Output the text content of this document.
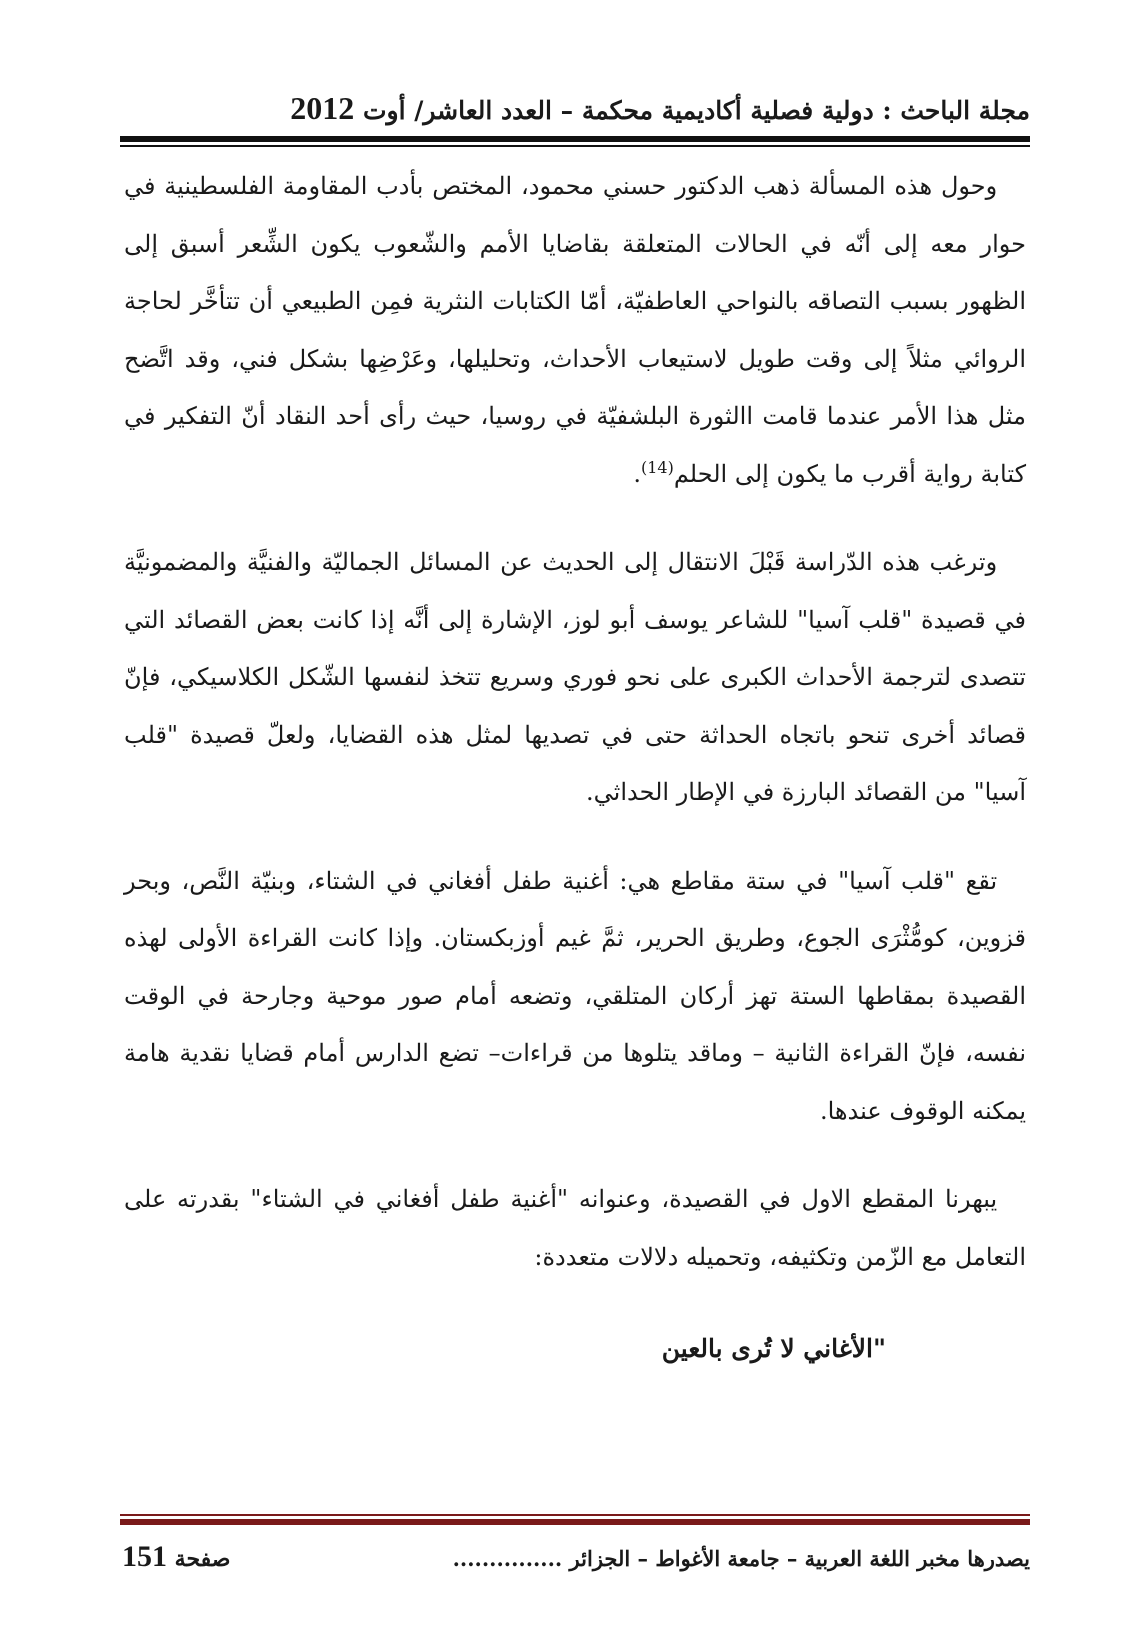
مجلة الباحث : دولية فصلية أكاديمية محكمة – العدد العاشر/ أوت 2012

وحول هذه المسألة ذهب الدكتور حسني محمود، المختص بأدب المقاومة الفلسطينية في حوار معه إلى أنّه في الحالات المتعلقة بقاضايا الأمم والشّعوب يكون الشِّعر أسبق إلى الظهور بسبب التصاقه بالنواحي العاطفيّة، أمّا الكتابات النثرية فمِن الطبيعي أن تتأخَّر لحاجة الروائي مثلاً إلى وقت طويل لاستيعاب الأحداث، وتحليلها، وعَرْضِها بشكل فني، وقد اتَّضح مثل هذا الأمر عندما قامت االثورة البلشفيّة في روسيا، حيث رأى أحد النقاد أنّ التفكير في كتابة رواية أقرب ما يكون إلى الحلم$^{(14)}$.

وترغب هذه الدّراسة قَبْلَ الانتقال إلى الحديث عن المسائل الجماليّة والفنيَّة والمضمونيَّة في قصيدة "قلب آسيا" للشاعر يوسف أبو لوز، الإشارة إلى أنَّه إذا كانت بعض القصائد التي تتصدى لترجمة الأحداث الكبرى على نحو فوري وسريع تتخذ لنفسها الشّكل الكلاسيكي، فإنّ قصائد أخرى تنحو باتجاه الحداثة حتى في تصديها لمثل هذه القضايا، ولعلّ قصيدة "قلب آسيا" من القصائد البارزة في الإطار الحداثي.

تقع "قلب آسيا" في ستة مقاطع هي: أغنية طفل أفغاني في الشتاء، وبنيّة النَّص، وبحر قزوين، كومُّثْرَى الجوع، وطريق الحرير، ثمَّ غيم أوزبكستان. وإذا كانت القراءة الأولى لهذه القصيدة بمقاطها الستة تهز أركان المتلقي، وتضعه أمام صور موحية وجارحة في الوقت نفسه، فإنّ القراءة الثانية – وماقد يتلوها من قراءات– تضع الدارس أمام قضايا نقدية هامة يمكنه الوقوف عندها.

يبهرنا المقطع الاول في القصيدة، وعنوانه "أغنية طفل أفغاني في الشتاء" بقدرته على التعامل مع الزّمن وتكثيفه، وتحميله دلالات متعددة:

"الأغاني لا تُرى بالعين

يصدرها مخبر اللغة العربية – جامعة الأغواط – الجزائر ...............
صفحة 151
